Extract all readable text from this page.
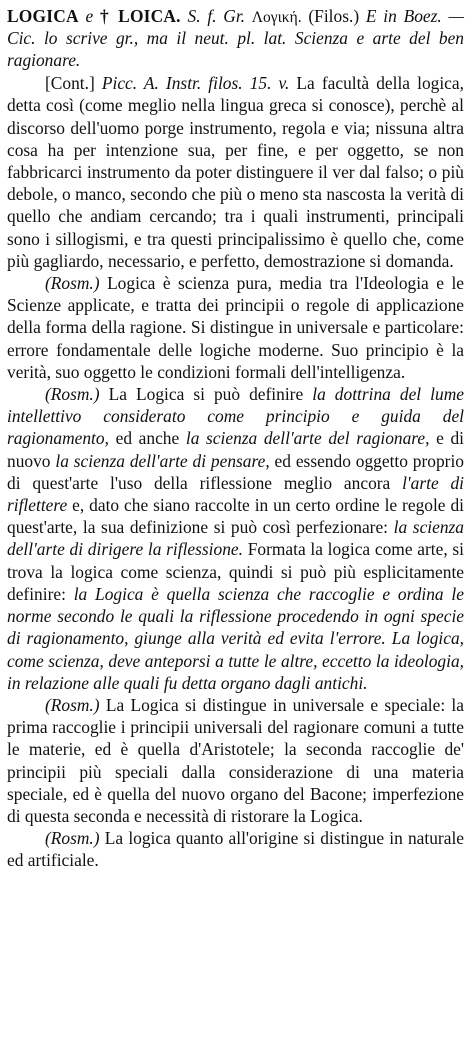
LOGICA e † LOICA. S. f. Gr. Λογική. (Filos.) E in Boez. — Cic. lo scrive gr., ma il neut. pl. lat. Scienza e arte del ben ragionare.

[Cont.] Picc. A. Instr. filos. 15. v. La facultà della logica, detta così (come meglio nella lingua greca si conosce), perchè al discorso dell'uomo porge instrumento, regola e via; nissuna altra cosa ha per intenzione sua, per fine, e per oggetto, se non fabbricarci instrumento da poter distinguere il ver dal falso; o più debole, o manco, secondo che più o meno sta nascosta la verità di quello che andiam cercando; tra i quali instrumenti, principali sono i sillogismi, e tra questi principalissimo è quello che, come più gagliardo, necessario, e perfetto, demostrazione si domanda.

(Rosm.) Logica è scienza pura, media tra l'Ideologia e le Scienze applicate, e tratta dei principii o regole di applicazione della forma della ragione. Si distingue in universale e particolare: errore fondamentale delle logiche moderne. Suo principio è la verità, suo oggetto le condizioni formali dell'intelligenza.

(Rosm.) La Logica si può definire la dottrina del lume intellettivo considerato come principio e guida del ragionamento, ed anche la scienza dell'arte del ragionare, e di nuovo la scienza dell'arte di pensare, ed essendo oggetto proprio di quest'arte l'uso della riflessione meglio ancora l'arte di riflettere e, dato che siano raccolte in un certo ordine le regole di quest'arte, la sua definizione si può così perfezionare: la scienza dell'arte di dirigere la riflessione. Formata la logica come arte, si trova la logica come scienza, quindi si può più esplicitamente definire: la Logica è quella scienza che raccoglie e ordina le norme secondo le quali la riflessione procedendo in ogni specie di ragionamento, giunge alla verità ed evita l'errore. La logica, come scienza, deve anteporsi a tutte le altre, eccetto la ideologia, in relazione alle quali fu detta organo dagli antichi.

(Rosm.) La Logica si distingue in universale e speciale: la prima raccoglie i principii universali del ragionare comuni a tutte le materie, ed è quella d'Aristotele; la seconda raccoglie de' principii più speciali dalla considerazione di una materia speciale, ed è quella del nuovo organo del Bacone; imperfezione di questa seconda e necessità di ristorare la Logica.

(Rosm.) La logica quanto all'origine si distingue in naturale ed artificiale.
